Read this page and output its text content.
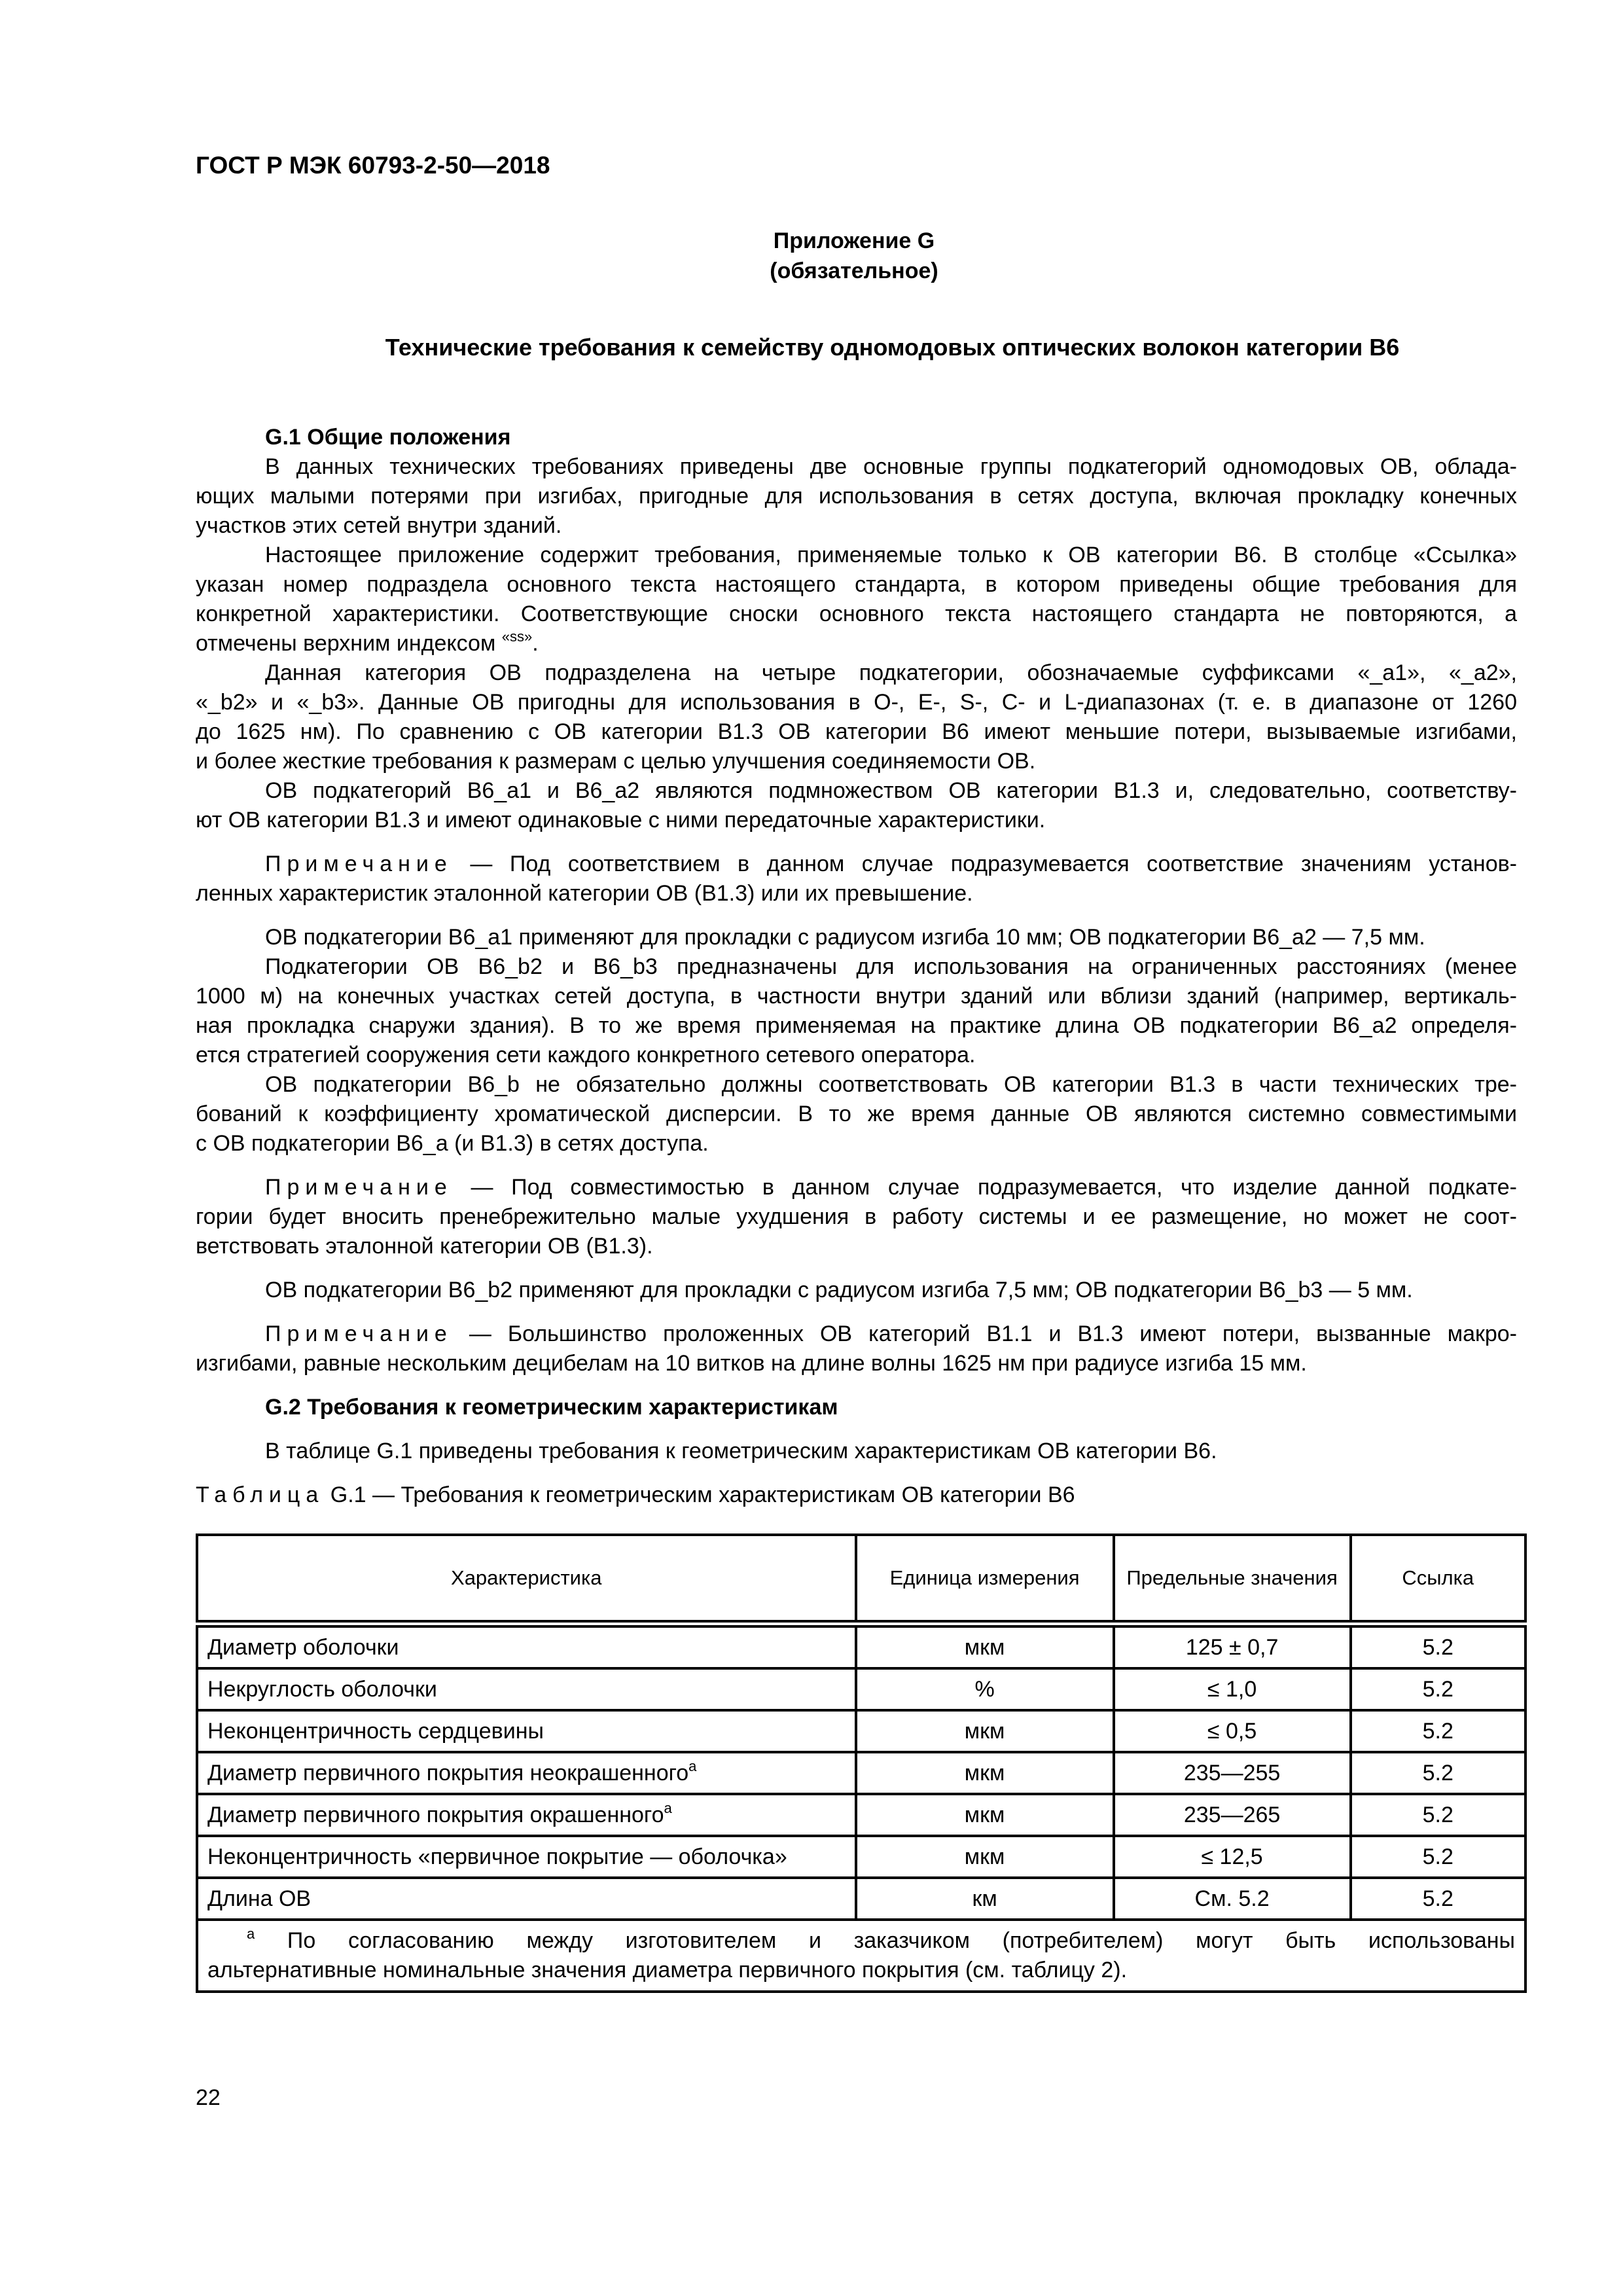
ГОСТ Р МЭК 60793-2-50—2018
Приложение G
(обязательное)
Технические требования к семейству одномодовых оптических волокон категории В6
G.1 Общие положения
В данных технических требованиях приведены две основные группы подкатегорий одномодовых ОВ, облада-
ющих малыми потерями при изгибах, пригодные для использования в сетях доступа, включая прокладку конечных
участков этих сетей внутри зданий.
Настоящее приложение содержит требования, применяемые только к ОВ категории В6. В столбце «Ссылка»
указан номер подраздела основного текста настоящего стандарта, в котором приведены общие требования для
конкретной характеристики. Соответствующие сноски основного текста настоящего стандарта не повторяются, а
отмечены верхним индексом $^{«ss»}$.
Данная категория ОВ подразделена на четыре подкатегории, обозначаемые суффиксами «_a1», «_a2»,
«_b2» и «_b3». Данные ОВ пригодны для использования в O-, E-, S-, C- и L-диапазонах (т. е. в диапазоне от 1260
до 1625 нм). По сравнению с ОВ категории B1.3 ОВ категории В6 имеют меньшие потери, вызываемые изгибами,
и более жесткие требования к размерам с целью улучшения соединяемости ОВ.
ОВ подкатегорий B6_a1 и B6_a2 являются подмножеством ОВ категории B1.3 и, следовательно, соответству-
ют ОВ категории B1.3 и имеют одинаковые с ними передаточные характеристики.
Примечание — Под соответствием в данном случае подразумевается соответствие значениям установ-
ленных характеристик эталонной категории ОВ (B1.3) или их превышение.
ОВ подкатегории B6_a1 применяют для прокладки с радиусом изгиба 10 мм; ОВ подкатегории B6_a2 — 7,5 мм.
Подкатегории ОВ B6_b2 и B6_b3 предназначены для использования на ограниченных расстояниях (менее
1000 м) на конечных участках сетей доступа, в частности внутри зданий или вблизи зданий (например, вертикаль-
ная прокладка снаружи здания). В то же время применяемая на практике длина ОВ подкатегории B6_a2 определя-
ется стратегией сооружения сети каждого конкретного сетевого оператора.
ОВ подкатегории B6_b не обязательно должны соответствовать ОВ категории B1.3 в части технических тре-
бований к коэффициенту хроматической дисперсии. В то же время данные ОВ являются системно совместимыми
с ОВ подкатегории B6_a (и B1.3) в сетях доступа.
Примечание — Под совместимостью в данном случае подразумевается, что изделие данной подкате-
гории будет вносить пренебрежительно малые ухудшения в работу системы и ее размещение, но может не соот-
ветствовать эталонной категории ОВ (B1.3).
ОВ подкатегории B6_b2 применяют для прокладки с радиусом изгиба 7,5 мм; ОВ подкатегории B6_b3 — 5 мм.
Примечание — Большинство проложенных ОВ категорий B1.1 и B1.3 имеют потери, вызванные макро-
изгибами, равные нескольким децибелам на 10 витков на длине волны 1625 нм при радиусе изгиба 15 мм.
G.2 Требования к геометрическим характеристикам
В таблице G.1 приведены требования к геометрическим характеристикам ОВ категории В6.
Таблица G.1 — Требования к геометрическим характеристикам ОВ категории В6
Характеристика	Единица измерения	Предельные значения	Ссылка
Диаметр оболочки	мкм	125 ± 0,7	5.2
Некруглость оболочки	%	≤ 1,0	5.2
Неконцентричность сердцевины	мкм	≤ 0,5	5.2
Диаметр первичного покрытия неокрашенного$^a$	мкм	235—255	5.2
Диаметр первичного покрытия окрашенного$^a$	мкм	235—265	5.2
Неконцентричность «первичное покрытие — оболочка»	мкм	≤ 12,5	5.2
Длина ОВ	км	См. 5.2	5.2

$^a$ По согласованию между изготовителем и заказчиком (потребителем) могут быть использованы
альтернативные номинальные значения диаметра первичного покрытия (см. таблицу 2).			
22
